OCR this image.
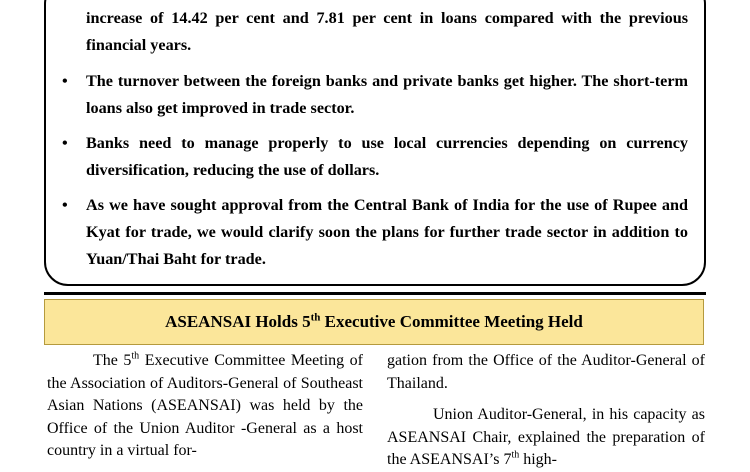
increase of 14.42 per cent and 7.81 per cent in loans compared with the previous financial years.
• The turnover between the foreign banks and private banks get higher. The short-term loans also get improved in trade sector.
• Banks need to manage properly to use local currencies depending on currency diversification, reducing the use of dollars.
• As we have sought approval from the Central Bank of India for the use of Rupee and Kyat for trade, we would clarify soon the plans for further trade sector in addition to Yuan/Thai Baht for trade.
ASEANSAI Holds 5th Executive Committee Meeting Held

The 5th Executive Committee Meeting of the Association of Auditors-General of Southeast Asian Nations (ASEANSAI) was held by the Office of the Union Auditor -General as a host country in a virtual for-

gation from the Office of the Auditor-General of Thailand.

Union Auditor-General, in his capacity as ASEANSAI Chair, explained the preparation of the ASEANSAI’s 7th high-
